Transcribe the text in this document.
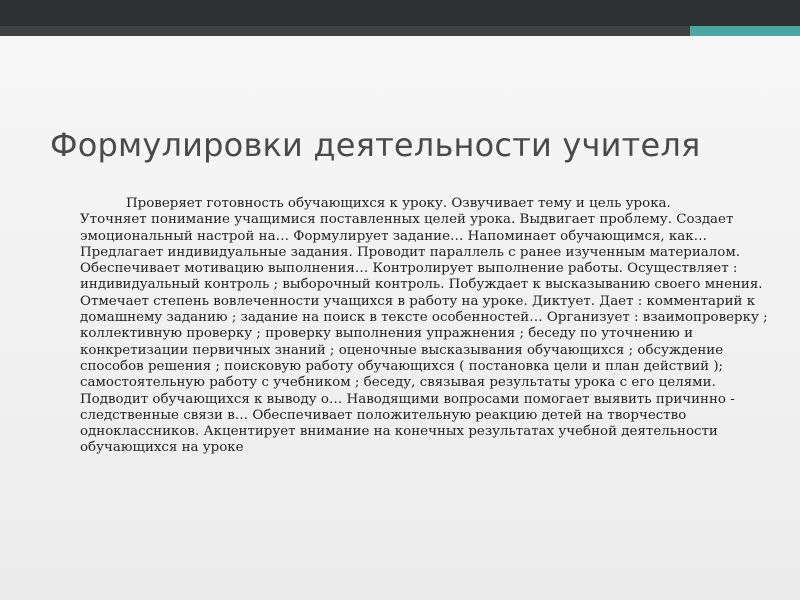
Формулировки деятельности учителя

Проверяет готовность обучающихся к уроку. Озвучивает тему и цель урока.
Уточняет понимание учащимися поставленных целей урока. Выдвигает проблему. Создает эмоциональный настрой на… Формулирует задание… Напоминает обучающимся, как… Предлагает индивидуальные задания. Проводит параллель с ранее изученным материалом. Обеспечивает мотивацию выполнения… Контролирует выполнение работы. Осуществляет : индивидуальный контроль ; выборочный контроль. Побуждает к высказыванию своего мнения. Отмечает степень вовлеченности учащихся в работу на уроке. Диктует. Дает : комментарий к домашнему заданию ; задание на поиск в тексте особенностей… Организует : взаимопроверку ; коллективную проверку ; проверку выполнения упражнения ; беседу по уточнению и конкретизации первичных знаний ; оценочные высказывания обучающихся ; обсуждение способов решения ; поисковую работу обучающихся ( постановка цели и план действий ); самостоятельную работу с учебником ; беседу, связывая результаты урока с его целями. Подводит обучающихся к выводу о… Наводящими вопросами помогает выявить причинно - следственные связи в… Обеспечивает положительную реакцию детей на творчество одноклассников. Акцентирует внимание на конечных результатах учебной деятельности обучающихся на уроке
